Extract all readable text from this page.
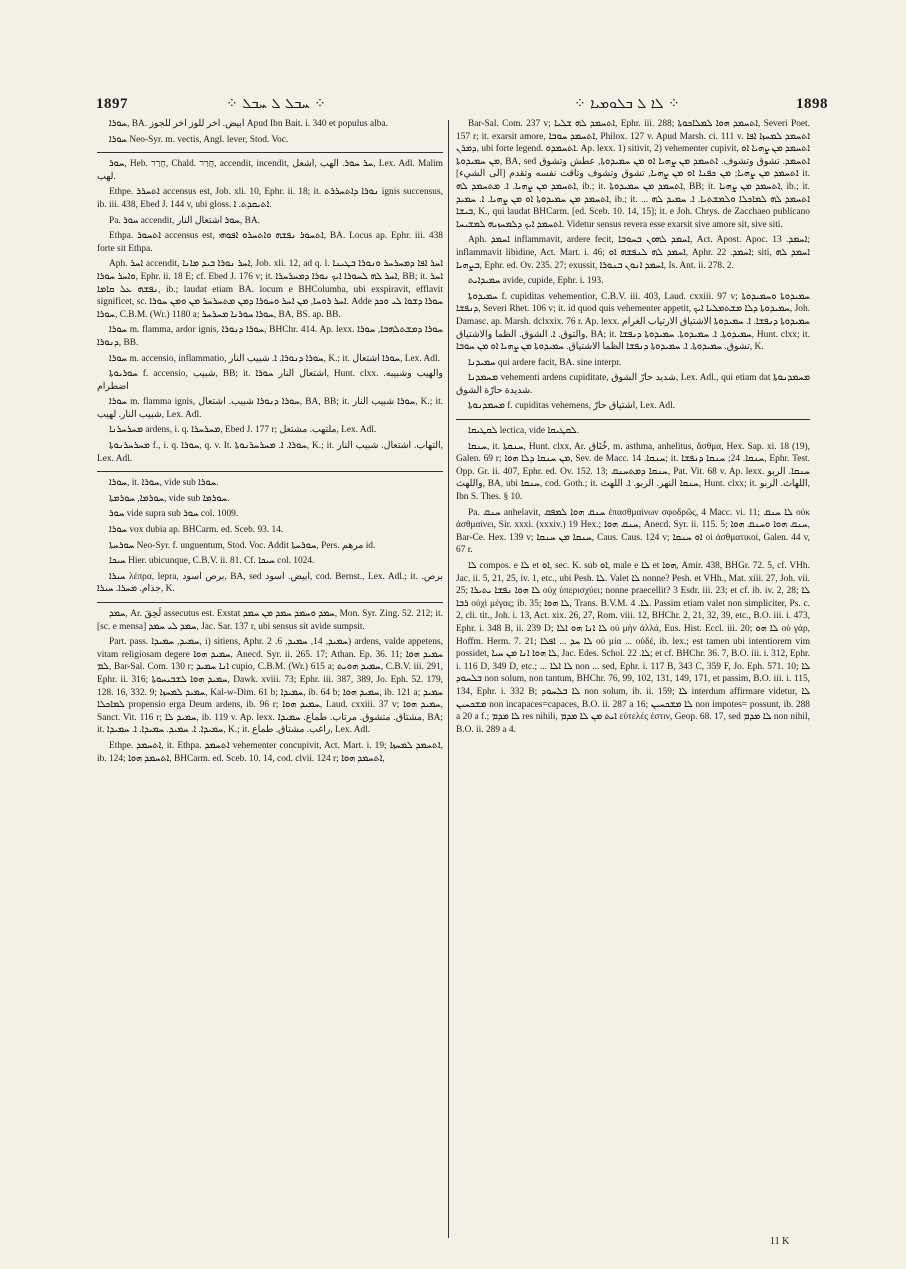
1897	⁘ ܚܒܠ ܠ ܚܒܠ ⁘	⁘ ܠܐ ܠ ܒܠܘܡܝܐ ⁘	1898

ܚܘܪܐ, BA. ابيض. اخر للوز اخر للجوز Apud Ibn Bait. i. 340 et populus alba.

ܚܘܪܐ Neo-Syr. m. vectis, Angl. lever, Stod. Voc.

ܚܘܪ, Heb. חָרַר, Chald. חֲרַר, accendit, incendit, ܚܪ ܚܘܪ. الهب ,اشعل, Lex. Adl. Malim لهب.

Ethpe. ܐܬܚܪܪ accensus est, Job. xli. 10, Ephr. ii. 18; it. ܢܘܪܐ ܕܐܬܚܪܪܬ ignis succensus, ib. iii. 438, Ebed J. 144 v, ubi gloss. ܐܬܝܩܕܬ. ܐ.

Pa. ܚܘܪ accendit, ܚܘܪ اشتعال النار, BA.

Ethpa. ܐܬܚܘܪ accensus est, ܐܬܚܘܪ ܢܦܫܗ ܘܐܬܚܪܘ ܐܦܘܗܝ, BA. Locus ap. Ephr. iii. 438 forte sit Ethpa.

Aph. ܐܚܪ accendit, ܐܚܪ ܢܘܪܐ ܒܝܕ ܡܐܢܐ, Job. xli. 12, ad q. l. ܐܚܪ ܐܦܐ ܕܡܚܪܚܪ ܘܢܘܪܐ ܒܛܝܢܐ ܘܐܚܪ ܚܘܪܐ, Ephr. ii. 18 E; cf. Ebed J. 176 v; it. ܐܚܪ ܠܗ ܠܚܘܪܐ ܐܝܟ ܢܘܪܐ ܕܡܚܪܚܪܐ, BB; it. ܐܚܪ ܢܦܫܗ ܥܠ ܩܐܡܐ, ib.; laudat etiam BA. locum e BHColumba, ubi exspiravit, efflavit significet, sc. ܐܚܪ ܪܘܚܐ, ܡܢ ܐܚܪ ܘܚܘܪܐ ܕܡܢ ܡܬܚܪܚܪ ܡܢ ܘܡܢ ܚܘܪܐ. Adde ܚܘܪܐ ܕܫܘܐ ܠܝ ܘܟܕ ܚܘܪܐ, C.B.M. (Wr.) 1180 a; ܚܘܪܐ ܚܘܪܢܐ ܡܚܪܚܪ, BA, BS. ap. BB.

ܚܘܪܐ m. flamma, ardor ignis, ܚܘܪܐ ܕܢܘܪܐ, BHChr. 414. Ap. lexx. ܚܘܪܐ ܕܡܫܬܠܗܒܐ, ܚܘܪܐ ܕܢܘܪܐ, BB.

ܚܘܪܐ m. accensio, inflammatio, ܚܘܪܐ ܕܢܘܪܐ. ܐ. شبيب النار, K.; it. ܚܘܪܐ اشتعال, Lex. Adl.

ܚܘܪܝܘܬܐ f. accensio, شبيب, BB; it. اشتعال النار ܚܘܪܐ, Hunt. clxx. والهيب وشبيبه. اضطرام

ܚܘܪܐ m. flamma ignis, ܚܘܪܐ ܕܢܘܪܐ شبيب. اشتعال, BA, BB; it. ܚܘܪܐ شبيب النار, K.; it. شبيب النار. لهيب, Lex. Adl.

ܡܚܪܚܪܢܐ ardens, i. q. ܡܚܪܚܪܐ, Ebed J. 177 r; ملتهب. مشتعل, Lex. Adl.

ܡܚܪܚܪܢܘܬܐ f., i. q. ܚܘܪܐ, q. v. It. ܚܘܪܐ. ܐ. ܡܚܪܚܪܢܘܬܐ, K.; it. التهاب. اشتعال. شبيب النار, Lex. Adl.

ܚܘܪܐ, it. ܚܘܪܐ, vide sub ܚܘܪܐ.

ܚܘܪܡܐ, ܚܘܪܡܬܐ, vide sub ܚܘܪܡܐ.

ܚܘܪ vide supra sub ܚܘܪ col. 1009.

ܚܘܪܐ vox dubia ap. BHCarm. ed. Sceb. 93. 14.

ܚܘܪܚܬܐ Neo-Syr. f. unguentum, Stod. Voc. Addit ܚܘܪܚܬܐ, Pers. مرهم id.

ܚܝܟܐ Hier. ubicunque, C.B.V. ii. 81. Cf. ܚܝܟܐ col. 1024.

ܚܝܪܐ λέπρα, lepra, برص اسود, BA, sed ابيض. اسود, cod. Bernst., Lex. Adl.; it. برص. جذام. ܡܚܪܐ. ܚܝܪܐ, K.

ܚܡܕ, Ar. لَحِقَ assecutus est. Exstat ܚܡܕ ܘܚܡܕ ܚܡܕ ܡܢ ܚܡܕ, Mon. Syr. Zing. 52. 212; it. [sc. e mensa] ܚܡܕ ܠܝ ܚܡܕ, Jac. Sar. 137 r, ubi sensus sit avide sumpsit.

Part. pass. ܚܡܝܕ, ܚܡܝܕܐ, i) sitiens, Aphr. ܚܡܝܕ, 14, ܚܡܝܕ, 6. 2) ardens, valde appetens, vitam religiosam degere ܚܡܝܕ ܗܘܐ, Anecd. Syr. ii. 265. 17; Athan. Ep. 36. 11; ܚܡܝܕ ܗܘܐ ܠܡ, Bar-Sal. Com. 130 r; ܐܢܐ ܚܡܝܕ cupio, C.B.M. (Wr.) 615 a; ܚܡܝܕ ܗܘܝܬ, C.B.V. iii. 291, Ephr. ii. 316; ܚܡܝܕ ܗܘܐ ܠܫܒܝܚܘܬܐ, Dawk. xviii. 73; Ephr. iii. 387, 389, Jo. Eph. 52. 179, 128. 16, 332. 9; ܚܡܝܕ ܠܡܚܙܐ, Kal-w-Dim. 61 b; ܚܡܝܕܐ, ib. 64 b; ܚܡܝܕ ܗܘܐ, ib. 121 a; ܚܡܝܕ ܠܡܐܟܠܐ propensio erga Deum ardens, ib. 96 r; ܚܡܝܕ ܗܘܐ, Laud. cxxiii. 37 v; ܚܡܝܕ ܗܘܐ, Sanct. Vit. 116 r; ܚܡܝܕ ܠܐ, ib. 119 v. Ap. lexx. مشتاق. متشوق. مرتاب. طماع. ܚܡܝܕܐ, BA; it. ܚܡܝܕܐ. ܐ. ܚܡܝܕ. ܚܡܝܕܐ. ܐ. ܚܡܝܕܐ, K.; it. راغب. مشتاق. طماع, Lex. Adl.

Ethpe. ܐܬܚܡܕ, it. Ethpa. ܐܬܚܡܕ vehementer concupivit, Act. Mart. i. 19; ܐܬܚܡܕ ܠܡܚܙܐ, ib. 124; ܐܬܚܡܕ ܗܘܐ, BHCarm. ed. Sceb. 10. 14, cod. clvii. 124 r; ܐܬܚܡܕ ܗܘܐ,

Bar-Sal. Com. 237 v; ܐܬܚܡܕ ܠܗ ܫܠܝܐ, Ephr. iii. 288; ܐܬܚܡܕ ܗܘܐ ܠܡܠܐܟܘܬܐ, Severi Poet. 157 r; it. exarsit amore, ܐܬܚܡܕ ܚܘܒܐ, Philox. 127 v. Apud Marsh. ci. 111 v. ܐܬܚܡܕ ܠܡܚܙܐ ܐܦܐ ܕܡܪܢ, ubi forte legend. ܐܬܚܡܕܘ. Ap. lexx. 1) sitivit, 2) vehementer cupivit, ܐܬܚܡܕ ܡܢ ܨܗܝܐ ܐܘ ܡܢ ܚܡܝܕܘܬܐ, BA, sed ܐܬܚܡܕ. تشوق وتشوف. ܐܬܚܡܕ ܡܢ ܨܗܝܐ ܐܘ ܡܢ ܚܡܝܕܘܬܐ, عطش وتشوق ܐܬܚܡܕ ܡܢ ܨܗܝܐ; ܡܢ ܟܦܢܐ ܐܘ ܡܢ ܨܗܝܐ, تشوق وتشوف وتاقت نفسه وتقدم [الى الشيء] it. ܐܬܚܡܕ ܡܢ ܨܗܝܐ. ܐ. ܡܬܚܡܕ ܠܗ, ib.; it. ܐܬܚܡܕ ܡܢ ܚܡܝܕܘܬܐ, BB; it. ܐܬܚܡܕ ܡܢ ܨܗܝܐ, ib.; it. ܐܬܚܡܕ ܡܢ ܚܡܝܕܘܬܐ ܐܘ ܡܢ ܨܗܝܐ. ܐ. ܚܡܝܕ, ib.; it. ... ܐܬܚܡܕ ܠܗ ܠܡܐܟܠܐ ܘܠܡܫܬܝܐ. ܐ. ܚܡܝܕ ܠܗ ܒܝܫܐ, K., qui laudat BHCarm. [ed. Sceb. 10. 14, 15]; it. e Joh. Chrys. de Zacchaeo publicano ܐܬܚܡܕ ܐܝܟ ܕܠܡܚܙܝܗ ܠܡܫܝܚܐ. Videtur sensus revera esse exarsit sive amore sit, sive siti.

Aph. ܐܚܡܕ inflammavit, ardere fecit, ܐܚܡܕ ܠܗܘܢ ܒܚܘܒܐ, Act. Apost. Apoc. ܐܚܡܕ. 13; inflammavit libidine, Act. Mart. i. 46; ܐܚܡܕ ܠܗ ܠܢܦܫܗ ܐܘ, Aphr. ܐܚܡܕ. 22; siti, ܐܚܡܕ ܠܗ ܒܨܗܝܐ, Ephr. ed. Ov. 235. 27; exussit, ܐܚܡܕ ܐܢܘܢ ܒܢܘܪܐ, Is. Ant. ii. 278. 2.

ܚܡܝܕܐܝܬ avide, cupide, Ephr. i. 193.

ܚܡܝܕܘܬܐ f. cupiditas vehementior, C.B.V. iii. 403, Laud. cxxiii. 97 v; ܚܡܝܕܘܬܐ ܘܚܡܝܕܘܬܐ ܕܢܦܫܐ, Severi Rhet. 106 v; it. id quod quis vehementer appetit, ܚܡܝܕܘܬܐ ܕܠܐ ܡܫܬܡܠܝܐ ܐܝܟ, Joh. Damasc. ap. Marsh. dclxxix. 76 r. Ap. lexx. ܚܡܝܕܘܬܐ ܕܢܦܫܐ. ܐ. ܚܡܝܕܘܬܐ الاشتياق الارتياب الغرام والتوق. ܐ. الشوق. الظما والاشتياق, BA; it. ܚܡܝܕܘܬܐ. ܐ. ܚܡܝܕܘܬܐ. ܚܡܝܕܘܬܐ ܕܢܦܫܐ, Hunt. clxx; it. تشوق. ܚܡܝܕܘܬܐ. ܐ. ܚܡܝܕܘܬܐ ܕܢܦܫܐ الظما الاشتياق. ܚܡܝܕܘܬܐ ܡܢ ܨܗܝܐ ܐܘ ܡܢ ܚܘܒܐ, K.

ܚܡܝܕܢܐ qui ardere facit, BA. sine interpr.

ܡܚܡܕܢܐ vehementi ardens cupiditate, شديد حارّ الشوق, Lex. Adl., qui etiam dat ܡܚܡܕܢܘܬܐ شديدة حارّة الشوق.

ܡܚܡܕܢܘܬܐ f. cupiditas vehemens, اشتياق حارّ, Lex. Adl.

ܠܩܛܝܩܐ lectica, vide ܠܩܛܝܩܐ.

ܚܢܩܐ, it. ܚܢܩܬܐ, Hunt. clxx, Ar. خُنَاق, m. asthma, anhelitus, ἄσθμα, Hex. Sap. xi. 18 (19), Galen. 69 r; ܡܢ ܚܢܩܐ ܕܠܐ ܗܘܐ, Sev. de Macc. ܚܢܩܐ. 14; it. ܚܢܩܐ. 24; ܚܢܩܐ ܕܢܦܫܐ, Ephr. Test. Opp. Gr. ii. 407, Ephr. ed. Ov. 152. 13; ܚܢܩܐ ܕܡܬܚܢܩ, Pat. Vit. 68 v. Ap. lexx. ܚܢܩܐ. الربو واللهث, BA, ubi ܚܢܩܐ, cod. Goth.; it. ܚܢܩܐ النهر. الربو. ܐ. اللهث, Hunt. clxx; it. اللهاث. الربو, Ibn S. Thes. § 10.

Pa. ܚܢܩ anhelavit, ܚܢܩ ܗܘܐ ܠܡܦܩ ἐπασθμαίνων σφοδρῶς, 4 Macc. vi. 11; ܠܐ ܚܢܩ οὐκ ἀσθμαίνει, Sir. xxxi. (xxxiv.) 19 Hex.; ܚܢܩ ܗܘܐ, Anecd. Syr. ii. 115. 5; ܚܢܩ ܗܘܐ ܘܚܢܩ ܗܘܐ, Bar-Ce. Hex. 139 v; ܚܢܩܐ ܡܢ ܚܢܩܐ, Caus. Caus. 124 v; ܐܘ ܚܢܩܐ οἱ ἀσθματικοί, Galen. 44 v, 67 r.

ܠܐ compos. e ܠܐ et ܐܘ, sec. K. sub ܐܘ, male e ܠܐ et ܗܘܐ, Amir. 438, BHGr. 72. 5, cf. VHh. Jac. ii. 5, 21, 25, iv. 1, etc., ubi Pesh. ܠܐ. Valet ܠܐ nonne? Pesh. et VHh., Mat. xiii. 27, Joh. vii. 25; ܠܐ ܗܘܐ ܢܦܫܐ ܝܬܝܪܐ οὐχ ὑπερισχύει; nonne praecellit? 3 Esdr. iii. 23; et cf. ib. iv. 2, 28; ܠܐ ܪܒܐ οὐχὶ μέγας; ib. 35; ܠܐ ܗܘܐ, Trans. B.V.M. ܠܐ. 4. Passim etiam valet non simpliciter, Ps. c. 2, cli. tit., Joh. i. 13, Act. xix. 26, 27, Rom. viii. 12, BHChr. 2, 21, 32, 39, etc., B.O. iii. i. 473, Ephr. i. 348 B, ii. 239 D; ܠܐ ܐܢܐ ܗܘ ܐܠܐ οὐ μὴν ἀλλά, Eus. Hist. Eccl. iii. 20; ܠܐ ܗܘ οὐ γάρ, Hoffm. Herm. 7. 21; ܠܐ ܚܕ ... ܐܦܠܐ οὐ μία ... οὐδέ, ib. lex.; est tamen ubi intentiorem vim possidet, ܠܐ ܗܘܐ ܐܢܐ ܡܢ ܚܝܐ, Jac. Edes. Schol. ܠܐ. 22; et cf. BHChr. 36. 7, B.O. iii. i. 312, Ephr. i. 116 D, 349 D, etc.; ... ܠܐ ܐܠܐ non ... sed, Ephr. i. 117 B, 343 C, 359 F, Jo. Eph. 571. 10; ܠܐ ܒܠܚܘܕ non solum, non tantum, BHChr. 76, 99, 102, 131, 149, 171, et passim, B.O. iii. i. 115, 134, Ephr. i. 332 B; ܠܐ ܒܠܚܘܕ non solum, ib. ii. 159; ܠܐ interdum affirmare videtur, ܠܐ ܡܫܟܚܝܢ non incapaces=capaces, B.O. ii. 287 a 16; ܠܐ ܡܫܟܚܝܢ non impotes= possunt, ib. 288 a 20 a f.; ܠܐ ܡܕܡ res nihili, ܐܝܬ ܡܢ ܠܐ ܡܕܡ εὐτελές ἐστιν, Geop. 68. 17, sed ܠܐ ܡܕܡ non nihil, B.O. ii. 289 a 4.

11 K
